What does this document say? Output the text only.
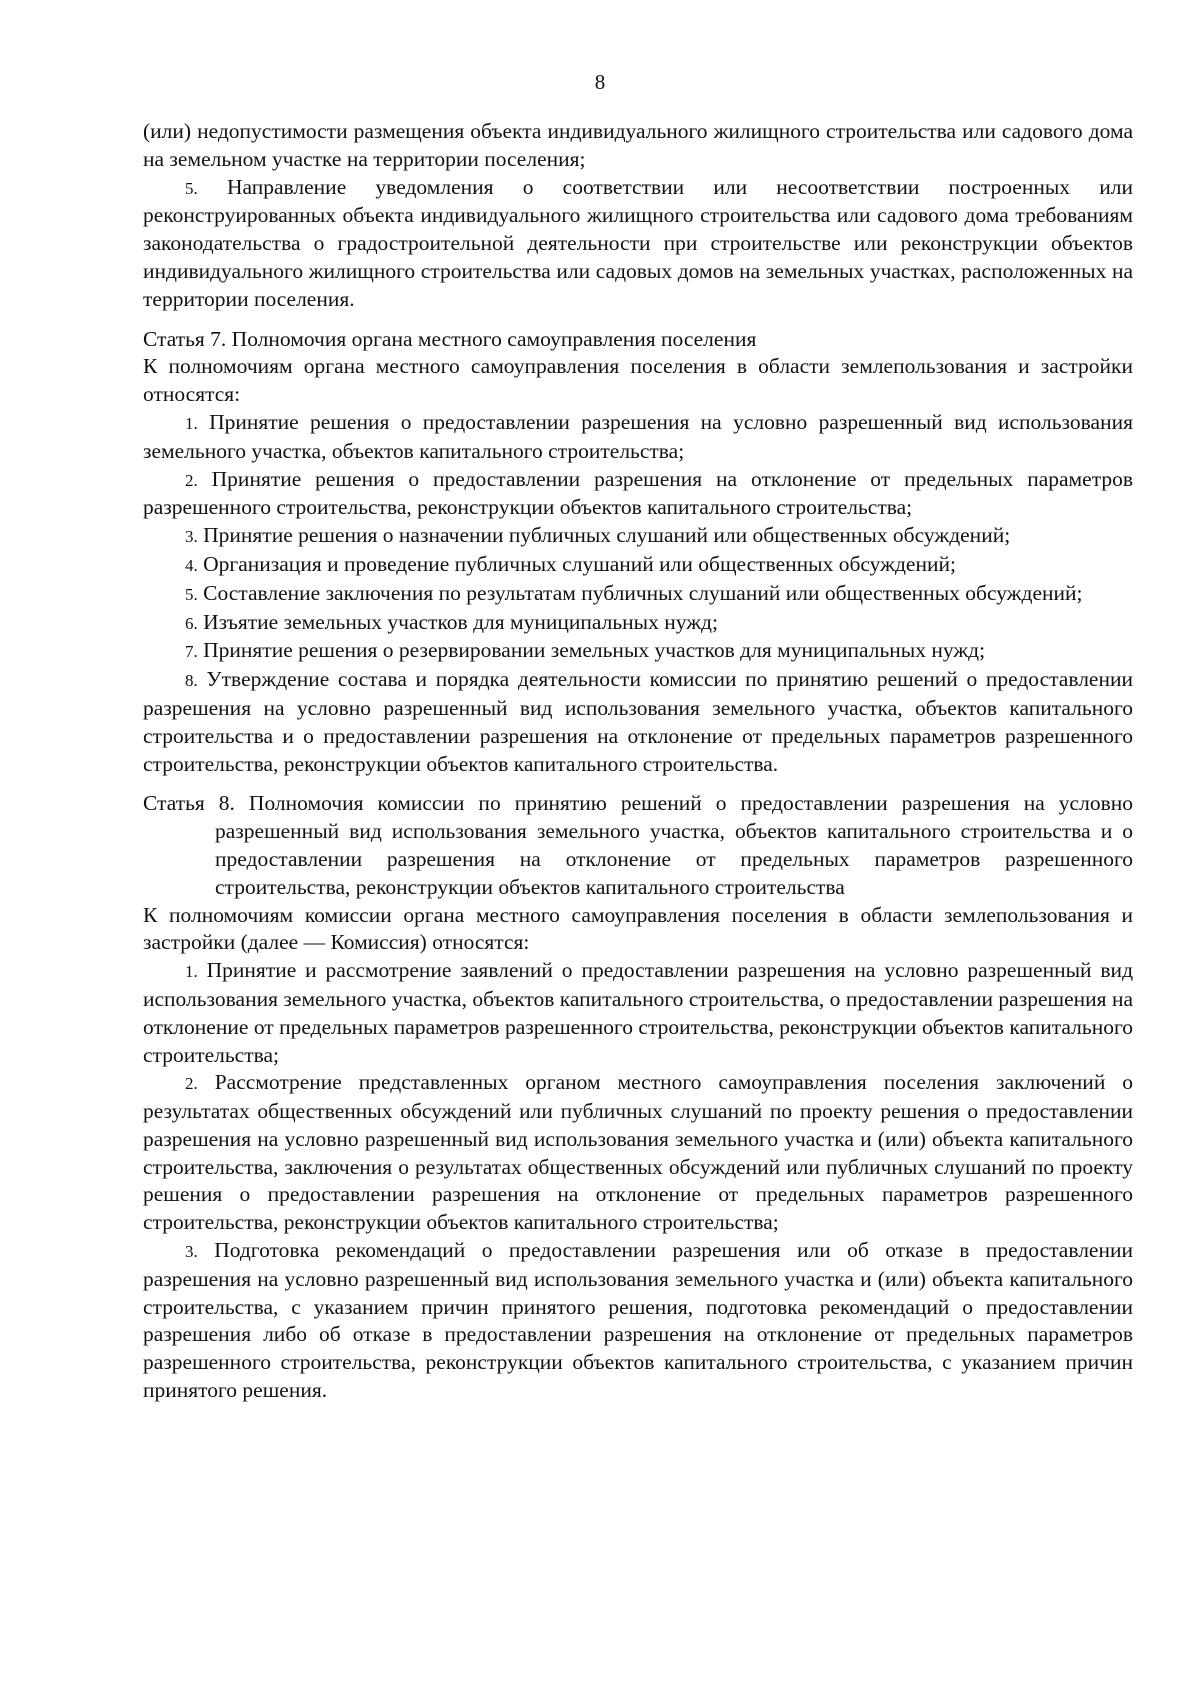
8

(или) недопустимости размещения объекта индивидуального жилищного строительства или садового дома на земельном участке на территории поселения;

5. Направление уведомления о соответствии или несоответствии построенных или реконструированных объекта индивидуального жилищного строительства или садового дома требованиям законодательства о градостроительной деятельности при строительстве или реконструкции объектов индивидуального жилищного строительства или садовых домов на земельных участках, расположенных на территории поселения.

Статья 7. Полномочия органа местного самоуправления поселения

К полномочиям органа местного самоуправления поселения в области землепользования и застройки относятся:

1. Принятие решения о предоставлении разрешения на условно разрешенный вид использования земельного участка, объектов капитального строительства;

2. Принятие решения о предоставлении разрешения на отклонение от предельных параметров разрешенного строительства, реконструкции объектов капитального строительства;

3. Принятие решения о назначении публичных слушаний или общественных обсуждений;

4. Организация и проведение публичных слушаний или общественных обсуждений;

5. Составление заключения по результатам публичных слушаний или общественных обсуждений;

6. Изъятие земельных участков для муниципальных нужд;

7. Принятие решения о резервировании земельных участков для муниципальных нужд;

8. Утверждение состава и порядка деятельности комиссии по принятию решений о предоставлении разрешения на условно разрешенный вид использования земельного участка, объектов капитального строительства и о предоставлении разрешения на отклонение от предельных параметров разрешенного строительства, реконструкции объектов капитального строительства.

Статья 8. Полномочия комиссии по принятию решений о предоставлении разрешения на условно разрешенный вид использования земельного участка, объектов капитального строительства и о предоставлении разрешения на отклонение от предельных параметров разрешенного строительства, реконструкции объектов капитального строительства

К полномочиям комиссии органа местного самоуправления поселения в области землепользования и застройки (далее — Комиссия) относятся:

1. Принятие и рассмотрение заявлений о предоставлении разрешения на условно разрешенный вид использования земельного участка, объектов капитального строительства, о предоставлении разрешения на отклонение от предельных параметров разрешенного строительства, реконструкции объектов капитального строительства;

2. Рассмотрение представленных органом местного самоуправления поселения заключений о результатах общественных обсуждений или публичных слушаний по проекту решения о предоставлении разрешения на условно разрешенный вид использования земельного участка и (или) объекта капитального строительства, заключения о результатах общественных обсуждений или публичных слушаний по проекту решения о предоставлении разрешения на отклонение от предельных параметров разрешенного строительства, реконструкции объектов капитального строительства;

3. Подготовка рекомендаций о предоставлении разрешения или об отказе в предоставлении разрешения на условно разрешенный вид использования земельного участка и (или) объекта капитального строительства, с указанием причин принятого решения, подготовка рекомендаций о предоставлении разрешения либо об отказе в предоставлении разрешения на отклонение от предельных параметров разрешенного строительства, реконструкции объектов капитального строительства, с указанием причин принятого решения.
